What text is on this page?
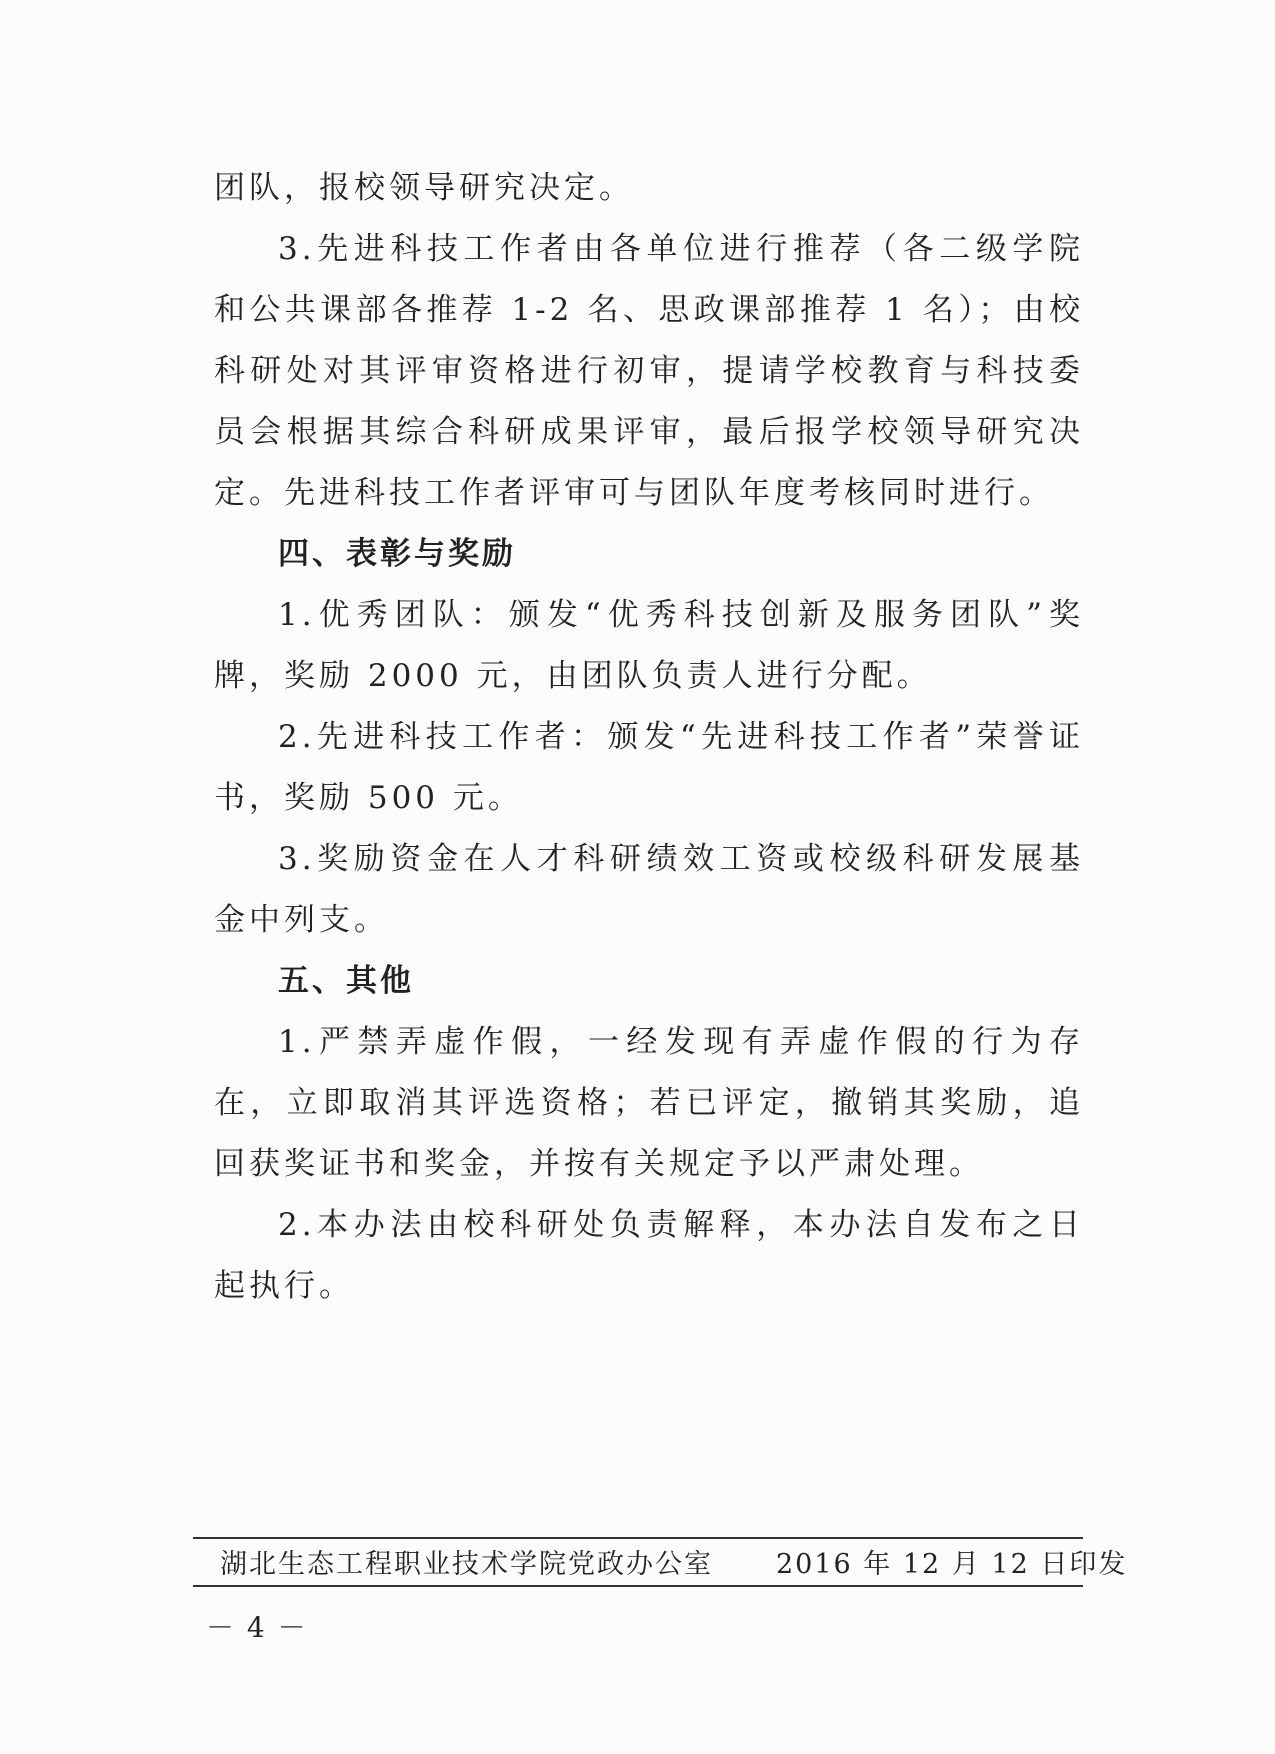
团队，报校领导研究决定。

3.先进科技工作者由各单位进行推荐（各二级学院和公共课部各推荐 1-2 名、思政课部推荐 1 名）；由校科研处对其评审资格进行初审，提请学校教育与科技委员会根据其综合科研成果评审，最后报学校领导研究决定。先进科技工作者评审可与团队年度考核同时进行。

四、表彰与奖励

1.优秀团队：颁发“优秀科技创新及服务团队”奖牌，奖励 2000 元，由团队负责人进行分配。

2.先进科技工作者：颁发“先进科技工作者”荣誉证书，奖励 500 元。

3.奖励资金在人才科研绩效工资或校级科研发展基金中列支。

五、其他

1.严禁弄虚作假，一经发现有弄虚作假的行为存在，立即取消其评选资格；若已评定，撤销其奖励，追回获奖证书和奖金，并按有关规定予以严肃处理。

2.本办法由校科研处负责解释，本办法自发布之日起执行。

湖北生态工程职业技术学院党政办公室 2016 年 12 月 12 日印发
－ 4 －
